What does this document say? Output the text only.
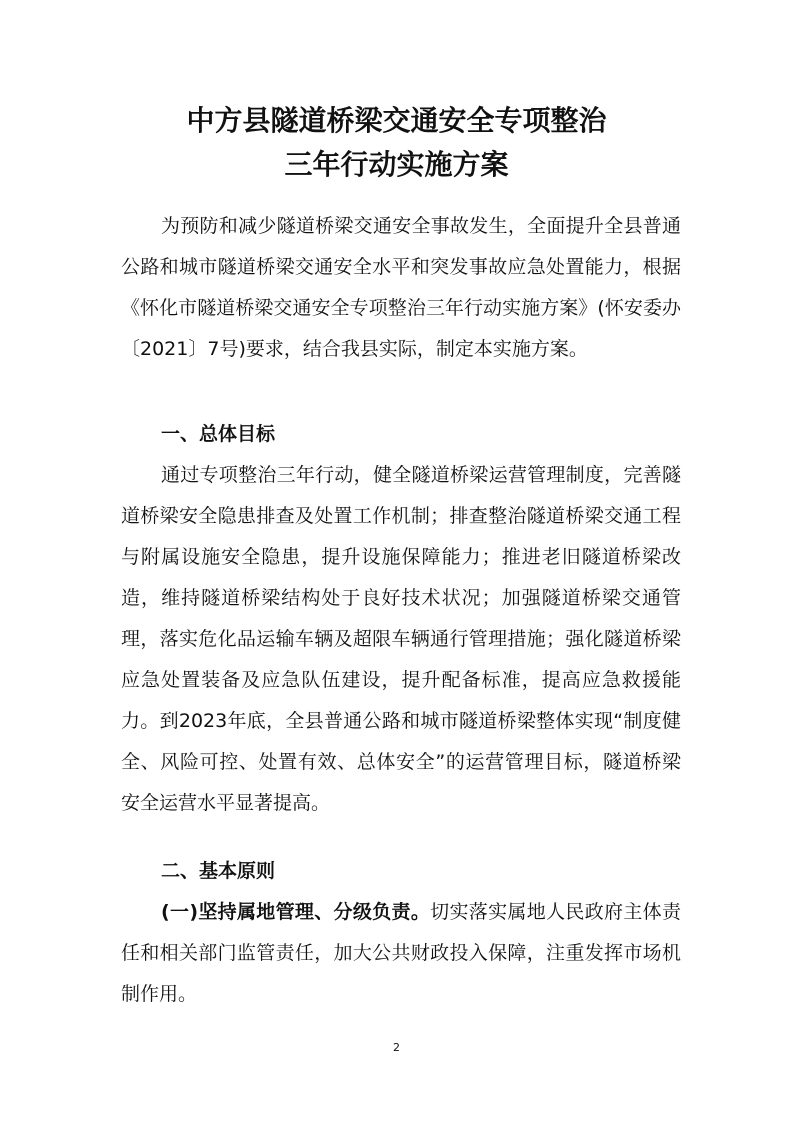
中方县隧道桥梁交通安全专项整治
三年行动实施方案

为预防和减少隧道桥梁交通安全事故发生，全面提升全县普通公路和城市隧道桥梁交通安全水平和突发事故应急处置能力，根据《怀化市隧道桥梁交通安全专项整治三年行动实施方案》(怀安委办〔2021〕7号)要求，结合我县实际，制定本实施方案。

一、总体目标

通过专项整治三年行动，健全隧道桥梁运营管理制度，完善隧道桥梁安全隐患排查及处置工作机制；排查整治隧道桥梁交通工程与附属设施安全隐患，提升设施保障能力；推进老旧隧道桥梁改造，维持隧道桥梁结构处于良好技术状况；加强隧道桥梁交通管理，落实危化品运输车辆及超限车辆通行管理措施；强化隧道桥梁应急处置装备及应急队伍建设，提升配备标准，提高应急救援能力。到2023年底，全县普通公路和城市隧道桥梁整体实现“制度健全、风险可控、处置有效、总体安全”的运营管理目标，隧道桥梁安全运营水平显著提高。

二、基本原则

(一)坚持属地管理、分级负责。切实落实属地人民政府主体责任和相关部门监管责任，加大公共财政投入保障，注重发挥市场机制作用。

2
